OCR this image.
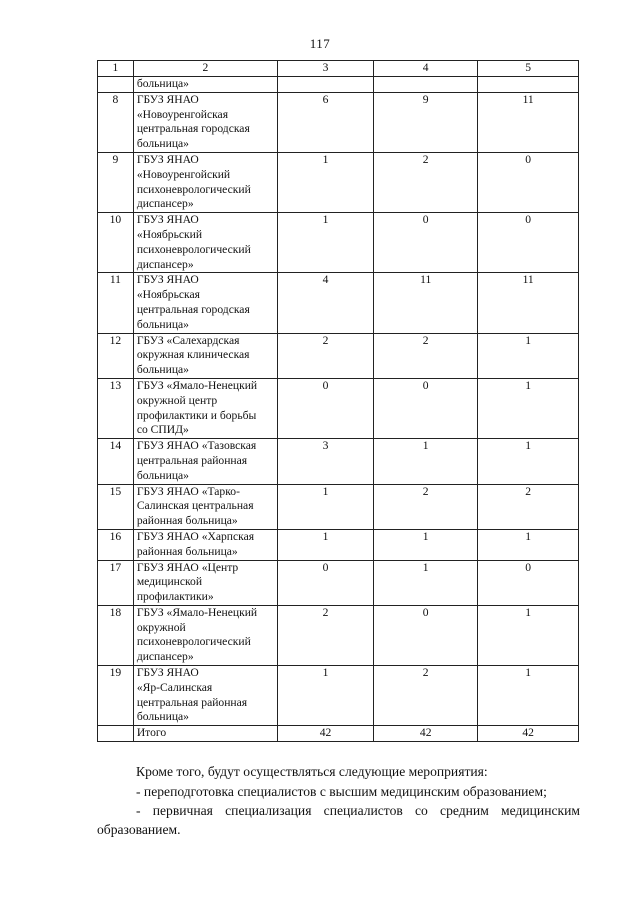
117
1	2	3	4	5
	больница»			
8	ГБУЗ ЯНАО
«Новоуренгойская
центральная городская
больница»	6	9	11
9	ГБУЗ ЯНАО
«Новоуренгойский
психоневрологический
диспансер»	1	2	0
10	ГБУЗ ЯНАО
«Ноябрьский
психоневрологический
диспансер»	1	0	0
11	ГБУЗ ЯНАО
«Ноябрьская
центральная городская
больница»	4	11	11
12	ГБУЗ «Салехардская
окружная клиническая
больница»	2	2	1
13	ГБУЗ «Ямало-Ненецкий
окружной центр
профилактики и борьбы
со СПИД»	0	0	1
14	ГБУЗ ЯНАО «Тазовская
центральная районная
больница»	3	1	1
15	ГБУЗ ЯНАО «Тарко-
Салинская центральная
районная больница»	1	2	2
16	ГБУЗ ЯНАО «Харпская
районная больница»	1	1	1
17	ГБУЗ ЯНАО «Центр
медицинской
профилактики»	0	1	0
18	ГБУЗ «Ямало-Ненецкий
окружной
психоневрологический
диспансер»	2	0	1
19	ГБУЗ ЯНАО
«Яр-Салинская
центральная районная
больница»	1	2	1
	Итого	42	42	42
Кроме того, будут осуществляться следующие мероприятия:
- переподготовка специалистов с высшим медицинским образованием;
- первичная специализация специалистов со средним медицинским
образованием.
